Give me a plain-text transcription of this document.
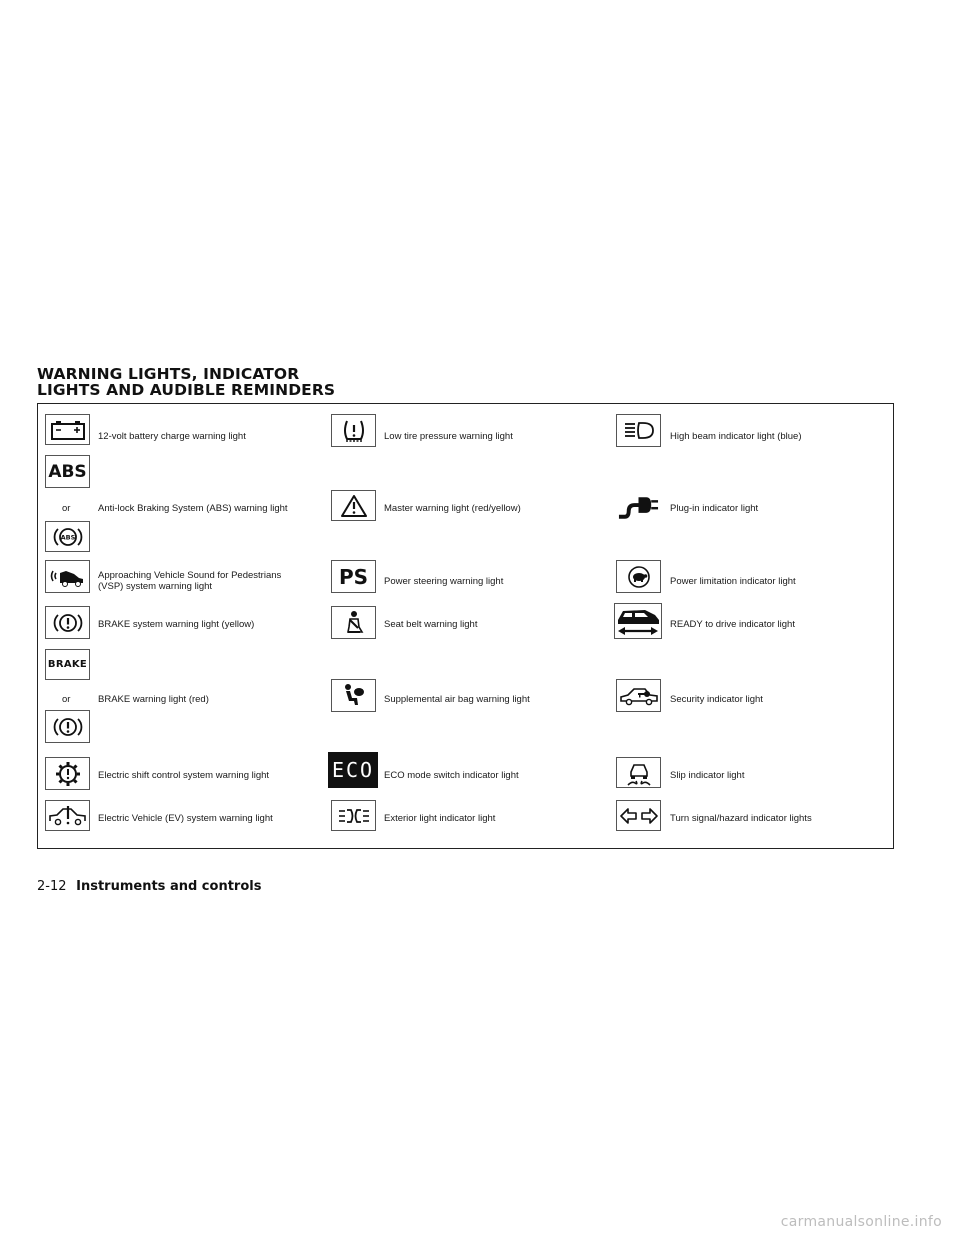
WARNING LIGHTS, INDICATOR
LIGHTS AND AUDIBLE REMINDERS
12-volt battery charge warning light
ABS
or	Anti-lock Braking System (ABS) warning light
ABS
Approaching Vehicle Sound for Pedestrians
(VSP) system warning light
BRAKE system warning light (yellow)
BRAKE
or	BRAKE warning light (red)
Electric shift control system warning light
Electric Vehicle (EV) system warning light
Low tire pressure warning light
Master warning light (red/yellow)
PS Power steering warning light
Seat belt warning light
Supplemental air bag warning light
ECO ECO mode switch indicator light
Exterior light indicator light
High beam indicator light (blue)
Plug-in indicator light
Power limitation indicator light
READY to drive indicator light
Security indicator light
Slip indicator light
Turn signal/hazard indicator lights
2-12 Instruments and controls
carmanualsonline.info
